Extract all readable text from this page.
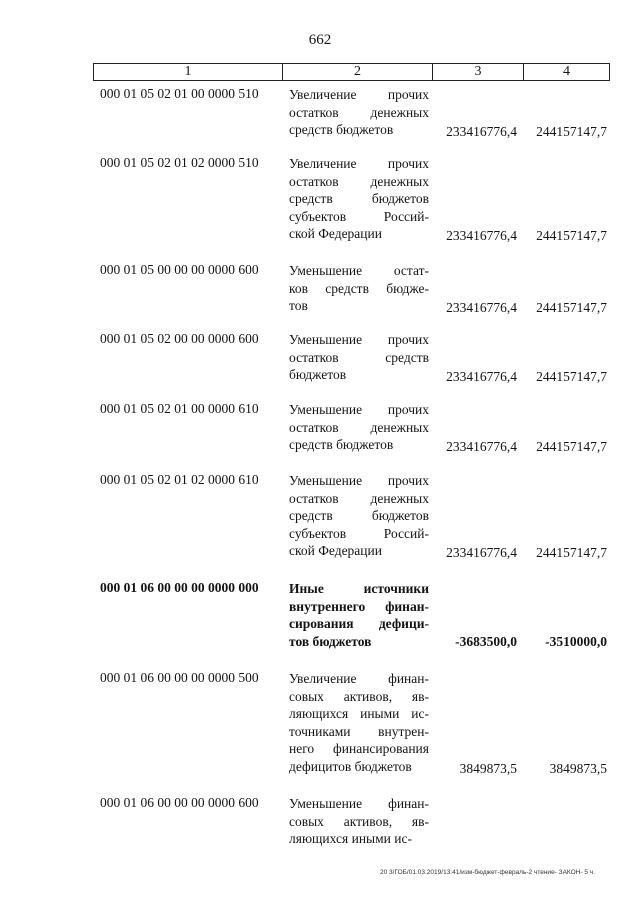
662
1	2	3	4
000 01 05 02 01 00 0000 510 Увеличение прочих
остатков денежных
средств бюджетов	233416776,4 244157147,7
000 01 05 02 01 02 0000 510 Увеличение прочих
остатков денежных
средств бюджетов
субъектов Россий-
ской Федерации	233416776,4 244157147,7
000 01 05 00 00 00 0000 600 Уменьшение остат-
ков средств бюдже-
тов	233416776,4 244157147,7
000 01 05 02 00 00 0000 600 Уменьшение прочих
остатков средств
бюджетов	233416776,4 244157147,7
000 01 05 02 01 00 0000 610 Уменьшение прочих
остатков денежных
средств бюджетов	233416776,4 244157147,7
000 01 05 02 01 02 0000 610 Уменьшение прочих
остатков денежных
средств бюджетов
субъектов Россий-
ской Федерации	233416776,4 244157147,7
000 01 06 00 00 00 0000 000 Иные источники
внутреннего финан-
сирования дефици-
тов бюджетов	-3683500,0 -3510000,0
000 01 06 00 00 00 0000 500 Увеличение финан-
совых активов, яв-
ляющихся иными ис-
точниками внутрен-
него финансирования
дефицитов бюджетов	3849873,5 3849873,5
000 01 06 00 00 00 0000 600 Уменьшение финан-
совых активов, яв-
ляющихся иными ис-
20 3/ГОБ/01.03.2019/13:41/изм-бюджет-февраль-2 чтение- ЗАКОН- 5 ч.
